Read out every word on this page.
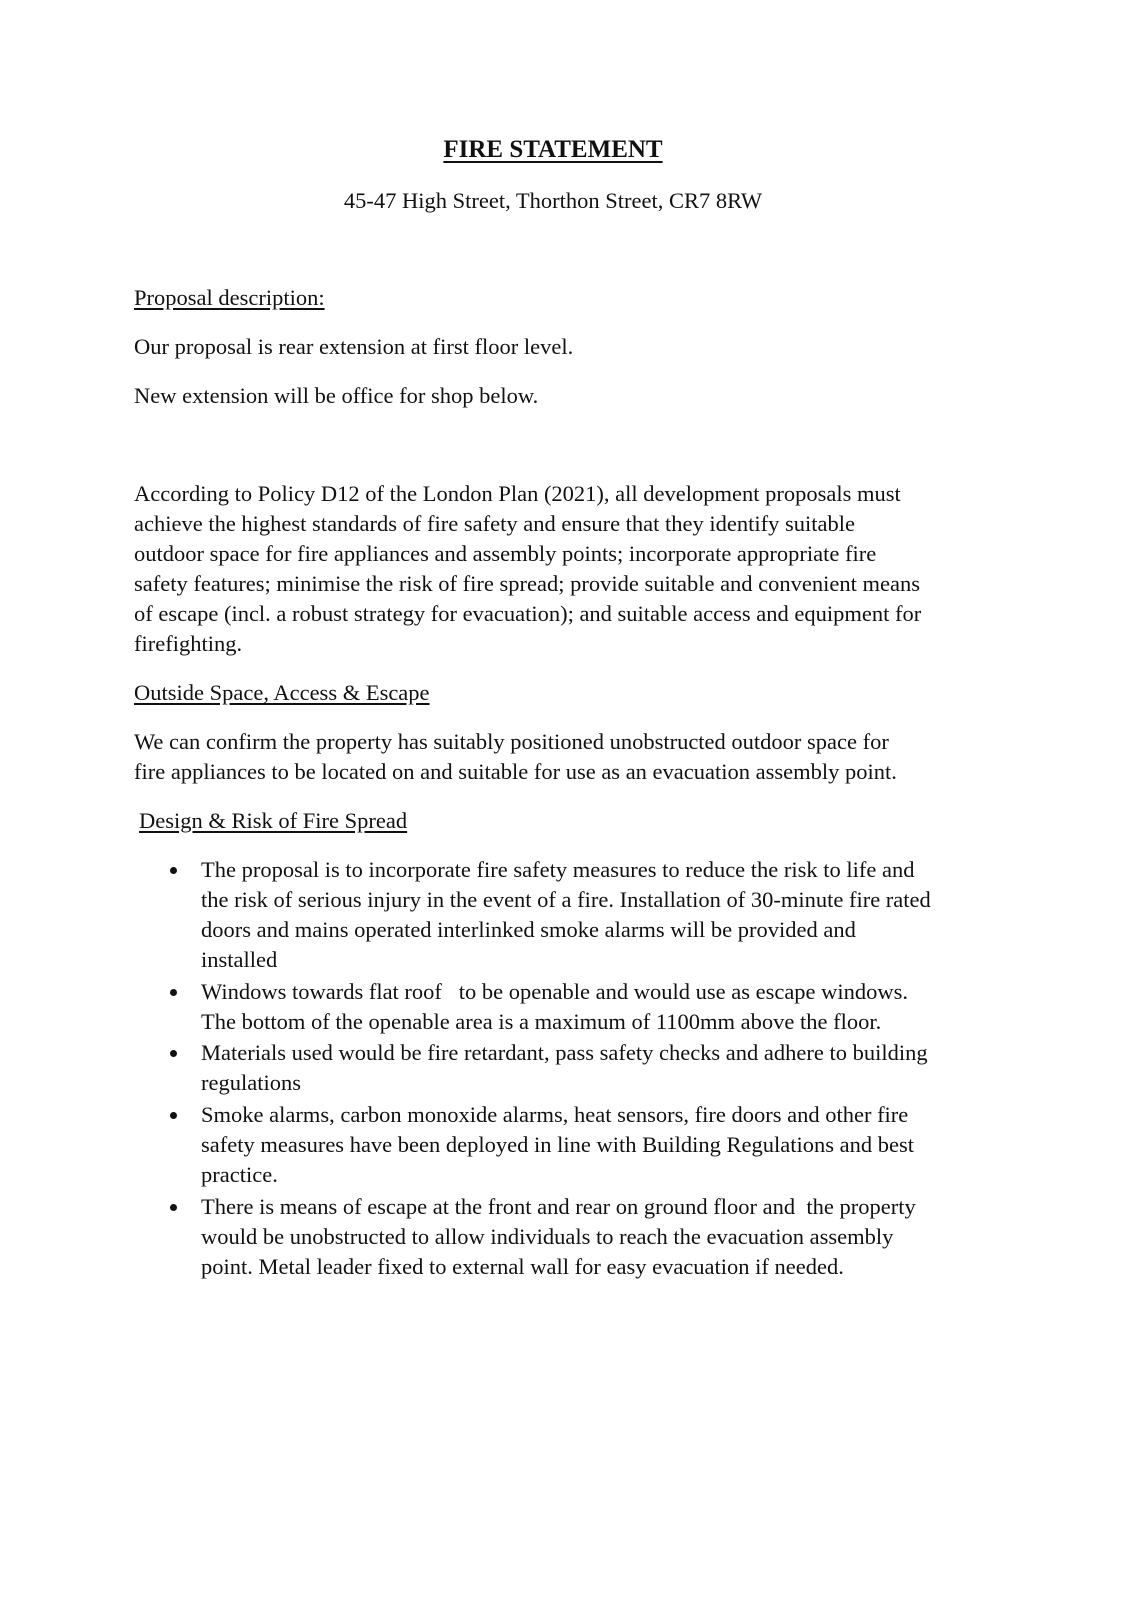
FIRE STATEMENT
45-47 High Street, Thorthon Street, CR7 8RW
Proposal description:
Our proposal is rear extension at first floor level.
New extension will be office for shop below.
According to Policy D12 of the London Plan (2021), all development proposals must
achieve the highest standards of fire safety and ensure that they identify suitable
outdoor space for fire appliances and assembly points; incorporate appropriate fire
safety features; minimise the risk of fire spread; provide suitable and convenient means
of escape (incl. a robust strategy for evacuation); and suitable access and equipment for
firefighting.
Outside Space, Access & Escape
We can confirm the property has suitably positioned unobstructed outdoor space for
fire appliances to be located on and suitable for use as an evacuation assembly point.
Design & Risk of Fire Spread
The proposal is to incorporate fire safety measures to reduce the risk to life and
the risk of serious injury in the event of a fire. Installation of 30-minute fire rated
doors and mains operated interlinked smoke alarms will be provided and
installed
Windows towards flat roof   to be openable and would use as escape windows.
The bottom of the openable area is a maximum of 1100mm above the floor.
Materials used would be fire retardant, pass safety checks and adhere to building
regulations
Smoke alarms, carbon monoxide alarms, heat sensors, fire doors and other fire
safety measures have been deployed in line with Building Regulations and best
practice.
There is means of escape at the front and rear on ground floor and  the property
would be unobstructed to allow individuals to reach the evacuation assembly
point. Metal leader fixed to external wall for easy evacuation if needed.
